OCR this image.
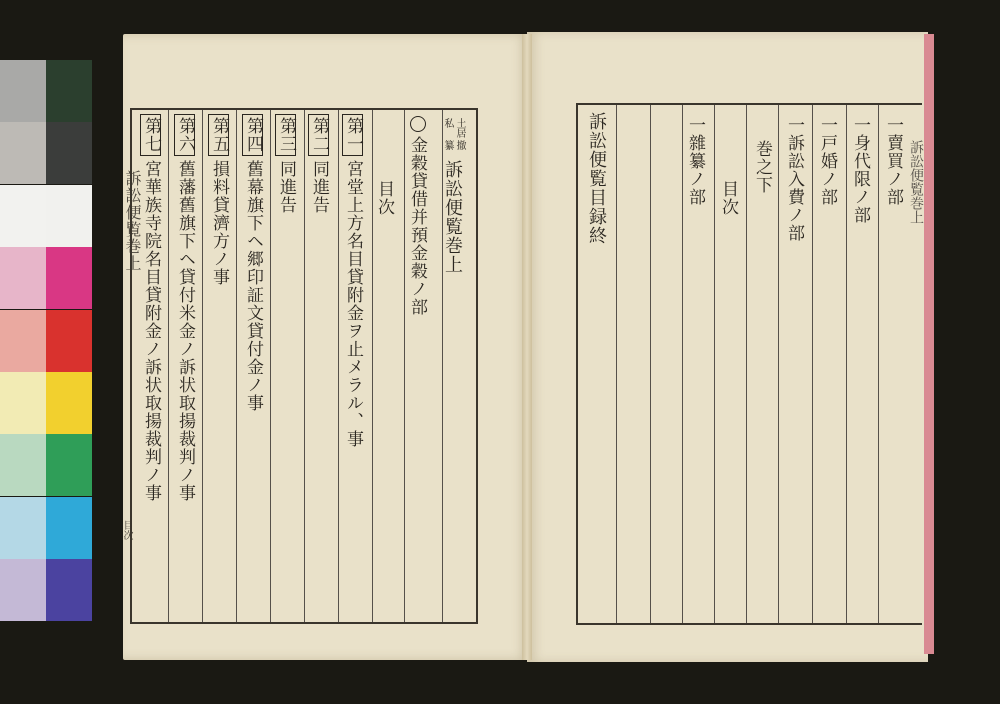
訴訟便覧巻上
目次
土居
撤
私
纂
訴訟便覧巻上
金穀貸借并預金穀ノ部
目次
第一
宮堂上方名目貸附金ヲ止メラル、事
第二
同進告
第三
同進告
第四
舊幕旗下ヘ郷印証文貸付金ノ事
第五
損料貸濟方ノ事
第六
舊藩舊旗下ヘ貸付米金ノ訴状取揚裁判ノ事
第七
宮華族寺院名目貸附金ノ訴状取揚裁判ノ事	一賣買ノ部
一身代限ノ部
一戸婚ノ部
一訴訟入費ノ部
巻之下
目次
一雜纂ノ部
訴訟便覧目録終	訴訟便覧巻上
